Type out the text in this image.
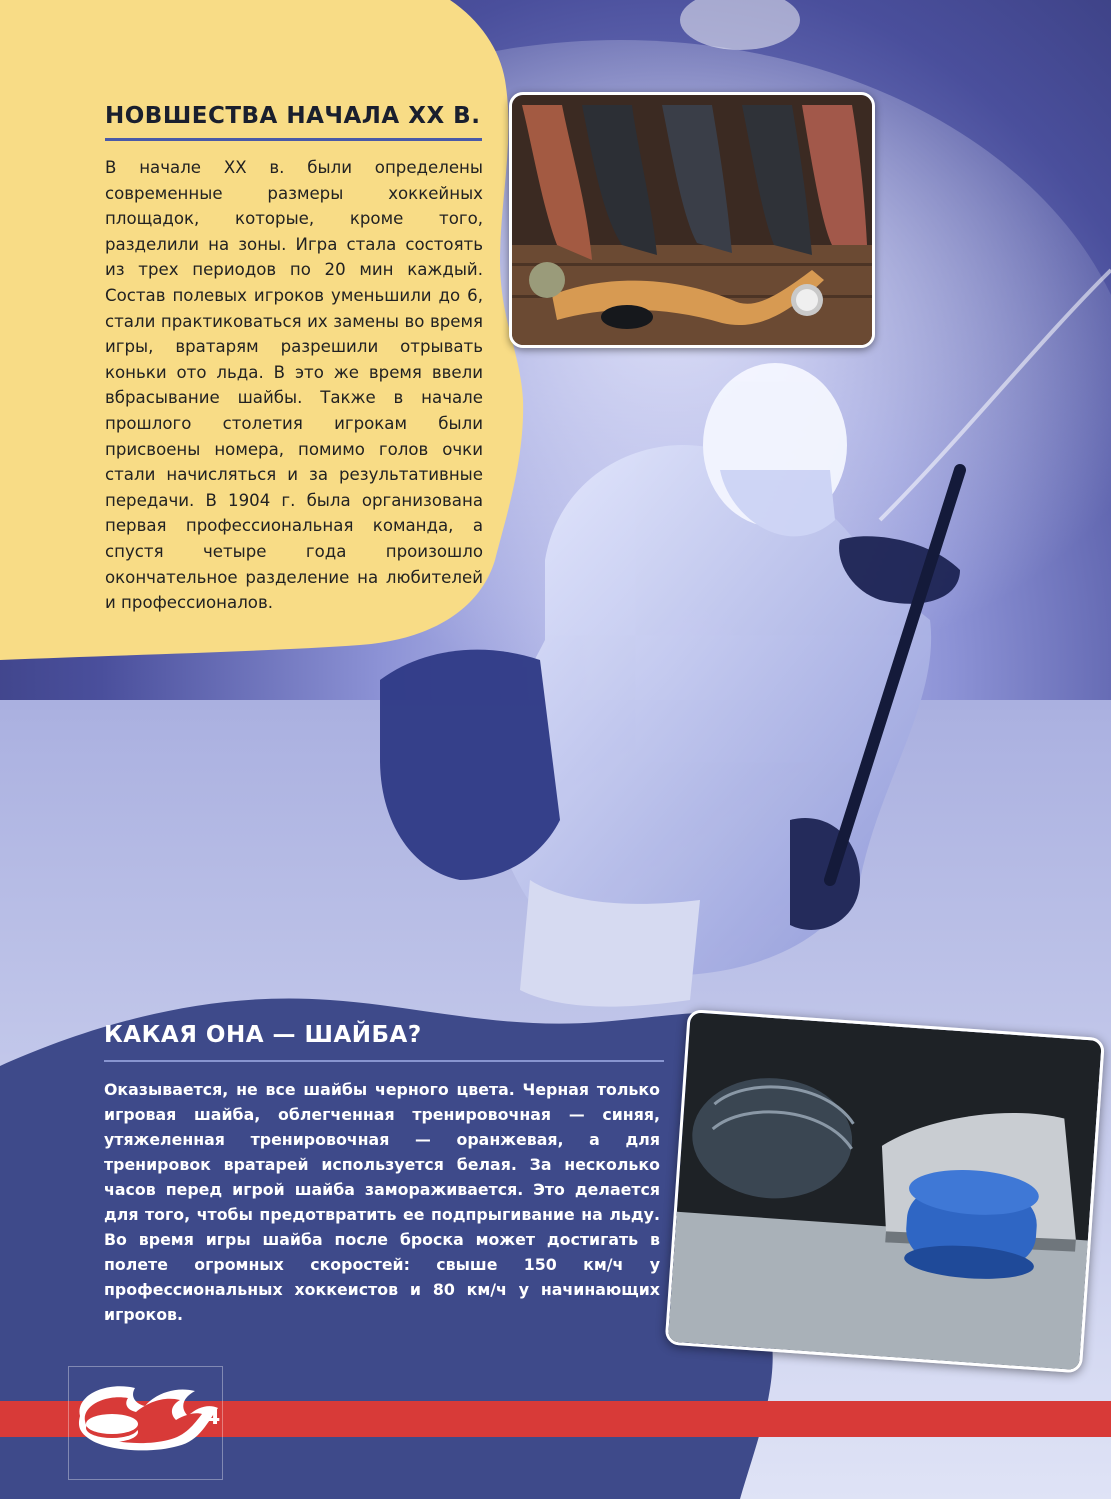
НОВШЕСТВА НАЧАЛА XX В.

В начале XX в. были определены современные размеры хоккейных площадок, которые, кроме того, разделили на зоны. Игра стала состоять из трех периодов по 20 мин каждый. Состав полевых игроков уменьшили до 6, стали практиковаться их замены во время игры, вратарям разрешили отрывать коньки ото льда. В это же время ввели вбрасывание шайбы. Также в начале прошлого столетия игрокам были присвоены номера, помимо голов очки стали начисляться и за результативные передачи. В 1904 г. была организована первая профессиональная команда, а спустя четыре года произошло окончательное разделение на любителей и профессионалов.

КАКАЯ ОНА — ШАЙБА?

Оказывается, не все шайбы черного цвета. Черная только игровая шайба, облегченная тренировочная — синяя, утяжеленная тренировочная — оранжевая, а для тренировок вратарей используется белая. За несколько часов перед игрой шайба замораживается. Это делается для того, чтобы предотвратить ее подпрыгивание на льду. Во время игры шайба после броска может достигать в полете огромных скоростей: свыше 150 км/ч у профессиональных хоккеистов и 80 км/ч у начинающих игроков.

4
